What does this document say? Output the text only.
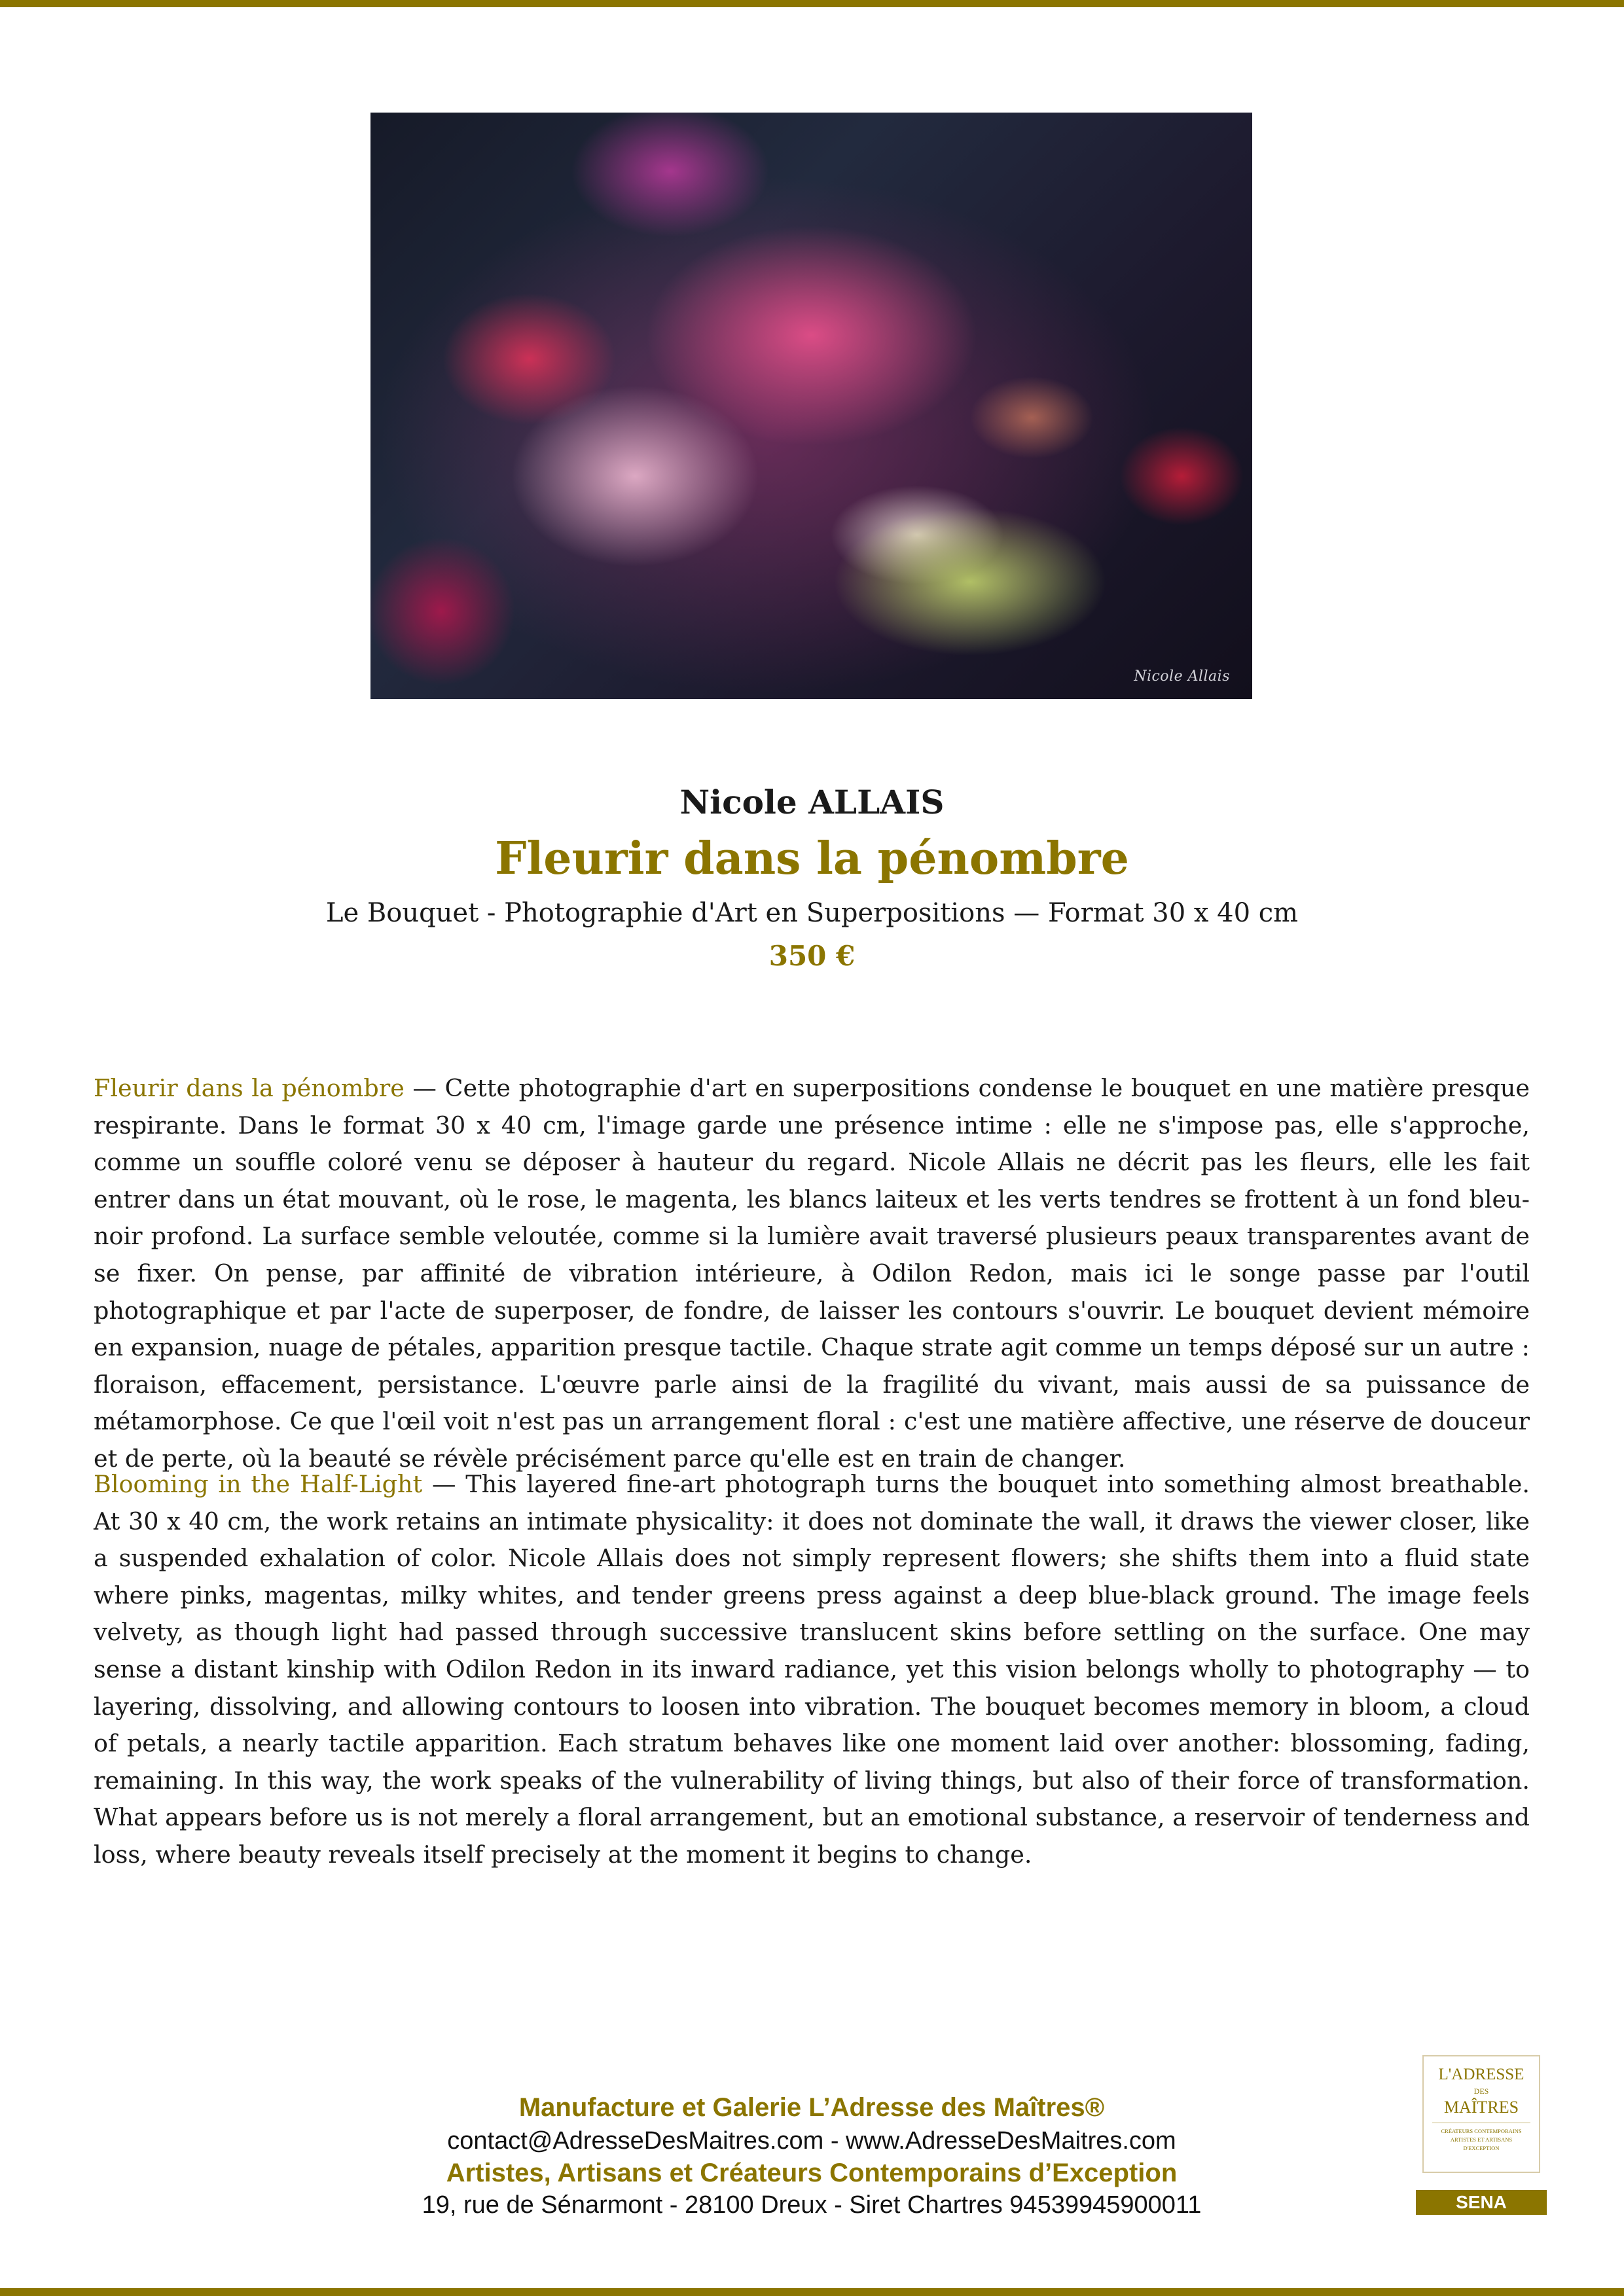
Nicole Allais
Nicole ALLAIS
Fleurir dans la pénombre
Le Bouquet - Photographie d'Art en Superpositions — Format 30 x 40 cm
350 €

Fleurir dans la pénombre — Cette photographie d'art en superpositions condense le bouquet en une matière presque respirante. Dans le format 30 x 40 cm, l'image garde une présence intime : elle ne s'impose pas, elle s'approche, comme un souffle coloré venu se déposer à hauteur du regard. Nicole Allais ne décrit pas les fleurs, elle les fait entrer dans un état mouvant, où le rose, le magenta, les blancs laiteux et les verts tendres se frottent à un fond bleu-noir profond. La surface semble veloutée, comme si la lumière avait traversé plusieurs peaux transparentes avant de se fixer. On pense, par affinité de vibration intérieure, à Odilon Redon, mais ici le songe passe par l'outil photographique et par l'acte de superposer, de fondre, de laisser les contours s'ouvrir. Le bouquet devient mémoire en expansion, nuage de pétales, apparition presque tactile. Chaque strate agit comme un temps déposé sur un autre : floraison, effacement, persistance. L'œuvre parle ainsi de la fragilité du vivant, mais aussi de sa puissance de métamorphose. Ce que l'œil voit n'est pas un arrangement floral : c'est une matière affective, une réserve de douceur et de perte, où la beauté se révèle précisément parce qu'elle est en train de changer.

Blooming in the Half-Light — This layered fine-art photograph turns the bouquet into something almost breathable. At 30 x 40 cm, the work retains an intimate physicality: it does not dominate the wall, it draws the viewer closer, like a suspended exhalation of color. Nicole Allais does not simply represent flowers; she shifts them into a fluid state where pinks, magentas, milky whites, and tender greens press against a deep blue-black ground. The image feels velvety, as though light had passed through successive translucent skins before settling on the surface. One may sense a distant kinship with Odilon Redon in its inward radiance, yet this vision belongs wholly to photography — to layering, dissolving, and allowing contours to loosen into vibration. The bouquet becomes memory in bloom, a cloud of petals, a nearly tactile apparition. Each stratum behaves like one moment laid over another: blossoming, fading, remaining. In this way, the work speaks of the vulnerability of living things, but also of their force of transformation. What appears before us is not merely a floral arrangement, but an emotional substance, a reservoir of tenderness and loss, where beauty reveals itself precisely at the moment it begins to change.

Manufacture et Galerie L’Adresse des Maîtres®
contact@AdresseDesMaitres.com - www.AdresseDesMaitres.com
Artistes, Artisans et Créateurs Contemporains d’Exception
19, rue de Sénarmont - 28100 Dreux - Siret Chartres 94539945900011
L'ADRESSE
DES
MAÎTRES
CRÉATEURS CONTEMPORAINS
ARTISTES ET ARTISANS
D'EXCEPTION
SENA
